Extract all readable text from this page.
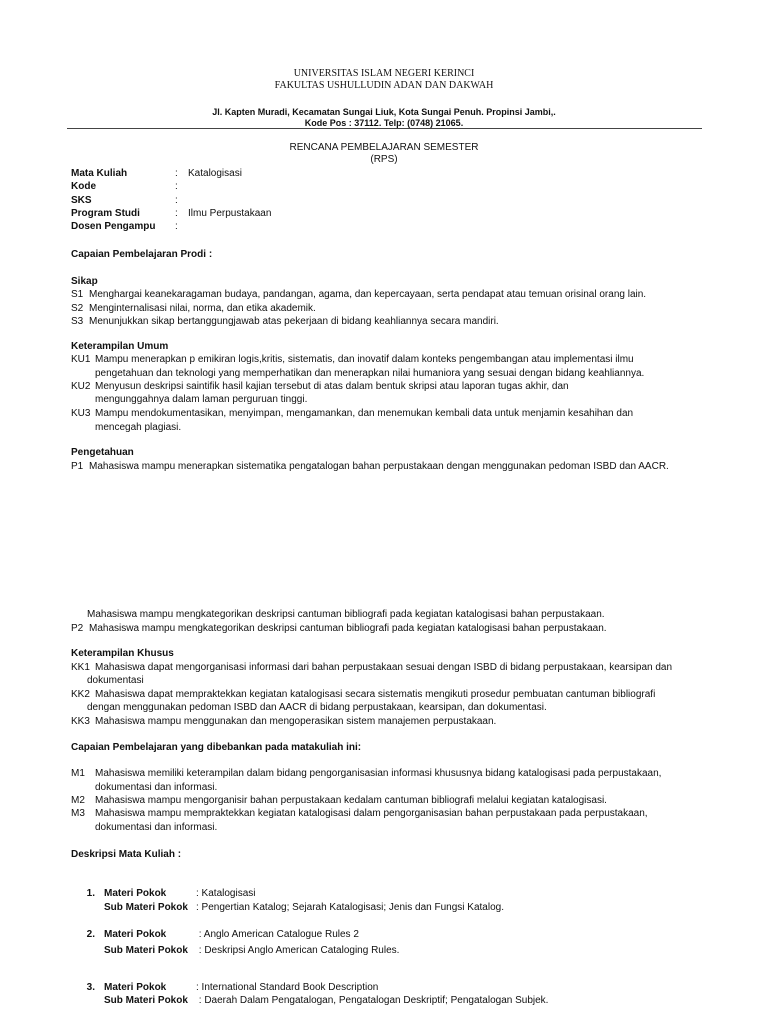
UNIVERSITAS ISLAM NEGERI KERINCI
FAKULTAS USHULLUDIN ADAN DAN DAKWAH
Jl. Kapten Muradi, Kecamatan Sungai Liuk, Kota Sungai Penuh. Propinsi Jambi,.
Kode Pos : 37112. Telp: (0748) 21065.
RENCANA PEMBELAJARAN SEMESTER
(RPS)
Mata Kuliah	: Katalogisasi
Kode	:
SKS	:
Program Studi	: Ilmu Perpustakaan
Dosen Pengampu :
Capaian Pembelajaran Prodi :
Sikap
S1 Menghargai keanekaragaman budaya, pandangan, agama, dan kepercayaan, serta pendapat atau temuan orisinal orang lain.
S2 Menginternalisasi nilai, norma, dan etika akademik.
S3 Menunjukkan sikap bertanggungjawab atas pekerjaan di bidang keahliannya secara mandiri.
Keterampilan Umum
KU1 Mampu menerapkan p emikiran logis,kritis, sistematis, dan inovatif dalam konteks pengembangan atau implementasi ilmu
pengetahuan dan teknologi yang memperhatikan dan menerapkan nilai humaniora yang sesuai dengan bidang keahliannya.
KU2 Menyusun deskripsi saintifik hasil kajian tersebut di atas dalam bentuk skripsi atau laporan tugas akhir, dan
mengunggahnya dalam laman perguruan tinggi.
KU3 Mampu mendokumentasikan, menyimpan, mengamankan, dan menemukan kembali data untuk menjamin kesahihan dan
mencegah plagiasi.
Pengetahuan
P1 Mahasiswa mampu menerapkan sistematika pengatalogan bahan perpustakaan dengan menggunakan pedoman ISBD dan AACR.
Mahasiswa mampu mengkategorikan deskripsi cantuman bibliografi pada kegiatan katalogisasi bahan perpustakaan.
P2 Mahasiswa mampu mengkategorikan deskripsi cantuman bibliografi pada kegiatan katalogisasi bahan perpustakaan.
Keterampilan Khusus
KK1 Mahasiswa dapat mengorganisasi informasi dari bahan perpustakaan sesuai dengan ISBD di bidang perpustakaan, kearsipan dan
dokumentasi
KK2 Mahasiswa dapat mempraktekkan kegiatan katalogisasi secara sistematis mengikuti prosedur pembuatan cantuman bibliografi
dengan menggunakan pedoman ISBD dan AACR di bidang perpustakaan, kearsipan, dan dokumentasi.
KK3 Mahasiswa mampu menggunakan dan mengoperasikan sistem manajemen perpustakaan.
Capaian Pembelajaran yang dibebankan pada matakuliah ini:
M1 Mahasiswa memiliki keterampilan dalam bidang pengorganisasian informasi khususnya bidang katalogisasi pada perpustakaan,
dokumentasi dan informasi.
M2 Mahasiswa mampu mengorganisir bahan perpustakaan kedalam cantuman bibliografi melalui kegiatan katalogisasi.
M3 Mahasiswa mampu mempraktekkan kegiatan katalogisasi dalam pengorganisasian bahan perpustakaan pada perpustakaan,
dokumentasi dan informasi.
Deskripsi Mata Kuliah :
1. Materi Pokok	: Katalogisasi
Sub Materi Pokok : Pengertian Katalog; Sejarah Katalogisasi; Jenis dan Fungsi Katalog.
2. Materi Pokok	: Anglo American Catalogue Rules 2
Sub Materi Pokok : Deskripsi Anglo American Cataloging Rules.
3. Materi Pokok	: International Standard Book Description
Sub Materi Pokok : Daerah Dalam Pengatalogan, Pengatalogan Deskriptif; Pengatalogan Subjek.
